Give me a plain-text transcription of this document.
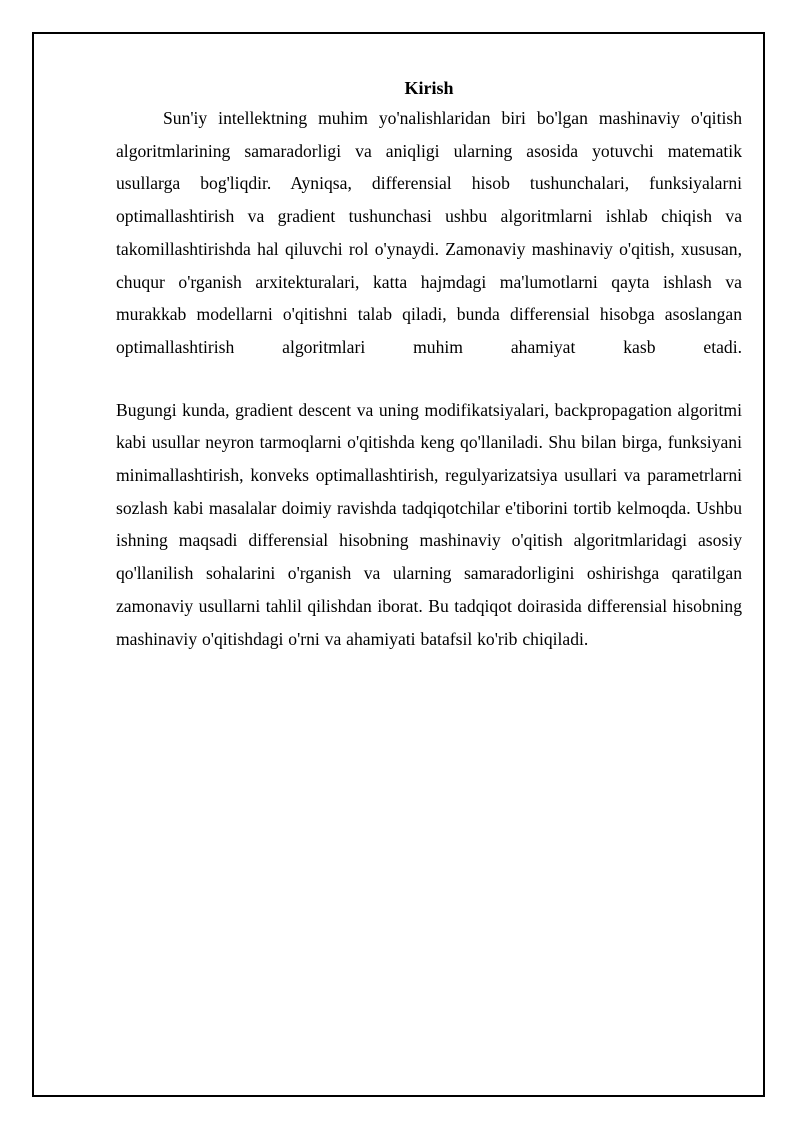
Kirish

Sun'iy intellektning muhim yo'nalishlaridan biri bo'lgan mashinaviy o'qitish algoritmlarining samaradorligi va aniqligi ularning asosida yotuvchi matematik usullarga bog'liqdir. Ayniqsa, differensial hisob tushunchalari, funksiyalarni optimallashtirish va gradient tushunchasi ushbu algoritmlarni ishlab chiqish va takomillashtirishda hal qiluvchi rol o'ynaydi. Zamonaviy mashinaviy o'qitish, xususan, chuqur o'rganish arxitekturalari, katta hajmdagi ma'lumotlarni qayta ishlash va murakkab modellarni o'qitishni talab qiladi, bunda differensial hisobga asoslangan optimallashtirish algoritmlari muhim ahamiyat kasb etadi.

Bugungi kunda, gradient descent va uning modifikatsiyalari, backpropagation algoritmi kabi usullar neyron tarmoqlarni o'qitishda keng qo'llaniladi. Shu bilan birga, funksiyani minimallashtirish, konveks optimallashtirish, regulyarizatsiya usullari va parametrlarni sozlash kabi masalalar doimiy ravishda tadqiqotchilar e'tiborini tortib kelmoqda. Ushbu ishning maqsadi differensial hisobning mashinaviy o'qitish algoritmlaridagi asosiy qo'llanilish sohalarini o'rganish va ularning samaradorligini oshirishga qaratilgan zamonaviy usullarni tahlil qilishdan iborat. Bu tadqiqot doirasida differensial hisobning mashinaviy o'qitishdagi o'rni va ahamiyati batafsil ko'rib chiqiladi.
